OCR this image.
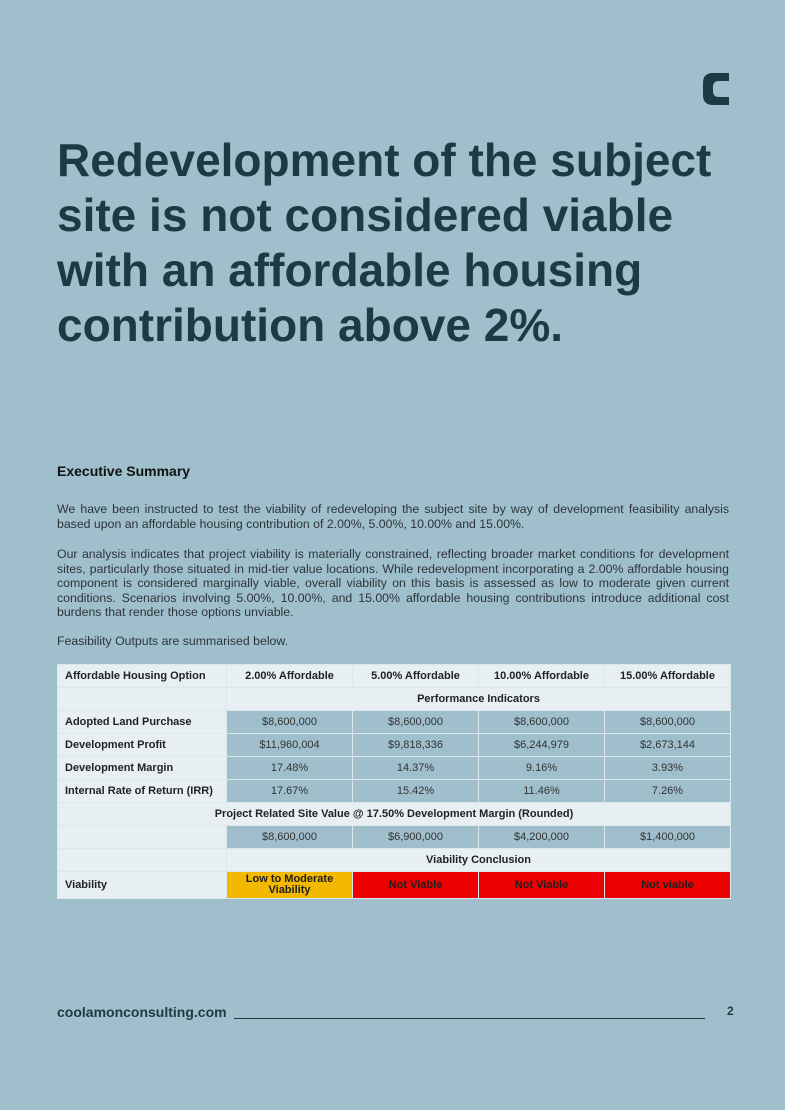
Redevelopment of the subject site is not considered viable with an affordable housing contribution above 2%.
Executive Summary

We have been instructed to test the viability of redeveloping the subject site by way of development feasibility analysis based upon an affordable housing contribution of 2.00%, 5.00%, 10.00% and 15.00%.

Our analysis indicates that project viability is materially constrained, reflecting broader market conditions for development sites, particularly those situated in mid-tier value locations. While redevelopment incorporating a 2.00% affordable housing component is considered marginally viable, overall viability on this basis is assessed as low to moderate given current conditions. Scenarios involving 5.00%, 10.00%, and 15.00% affordable housing contributions introduce additional cost burdens that render those options unviable.

Feasibility Outputs are summarised below.

Affordable Housing Option	2.00% Affordable	5.00% Affordable	10.00% Affordable	15.00% Affordable
	Performance Indicators			
Adopted Land Purchase	$8,600,000	$8,600,000	$8,600,000	$8,600,000
Development Profit	$11,960,004	$9,818,336	$6,244,979	$2,673,144
Development Margin	17.48%	14.37%	9.16%	3.93%
Internal Rate of Return (IRR)	17.67%	15.42%	11.46%	7.26%
Project Related Site Value @ 17.50% Development Margin (Rounded)				
	$8,600,000	$6,900,000	$4,200,000	$1,400,000
	Viability Conclusion			
Viability	Low to Moderate Viability	Not Viable	Not Viable	Not viable
coolamonconsulting.com	2
